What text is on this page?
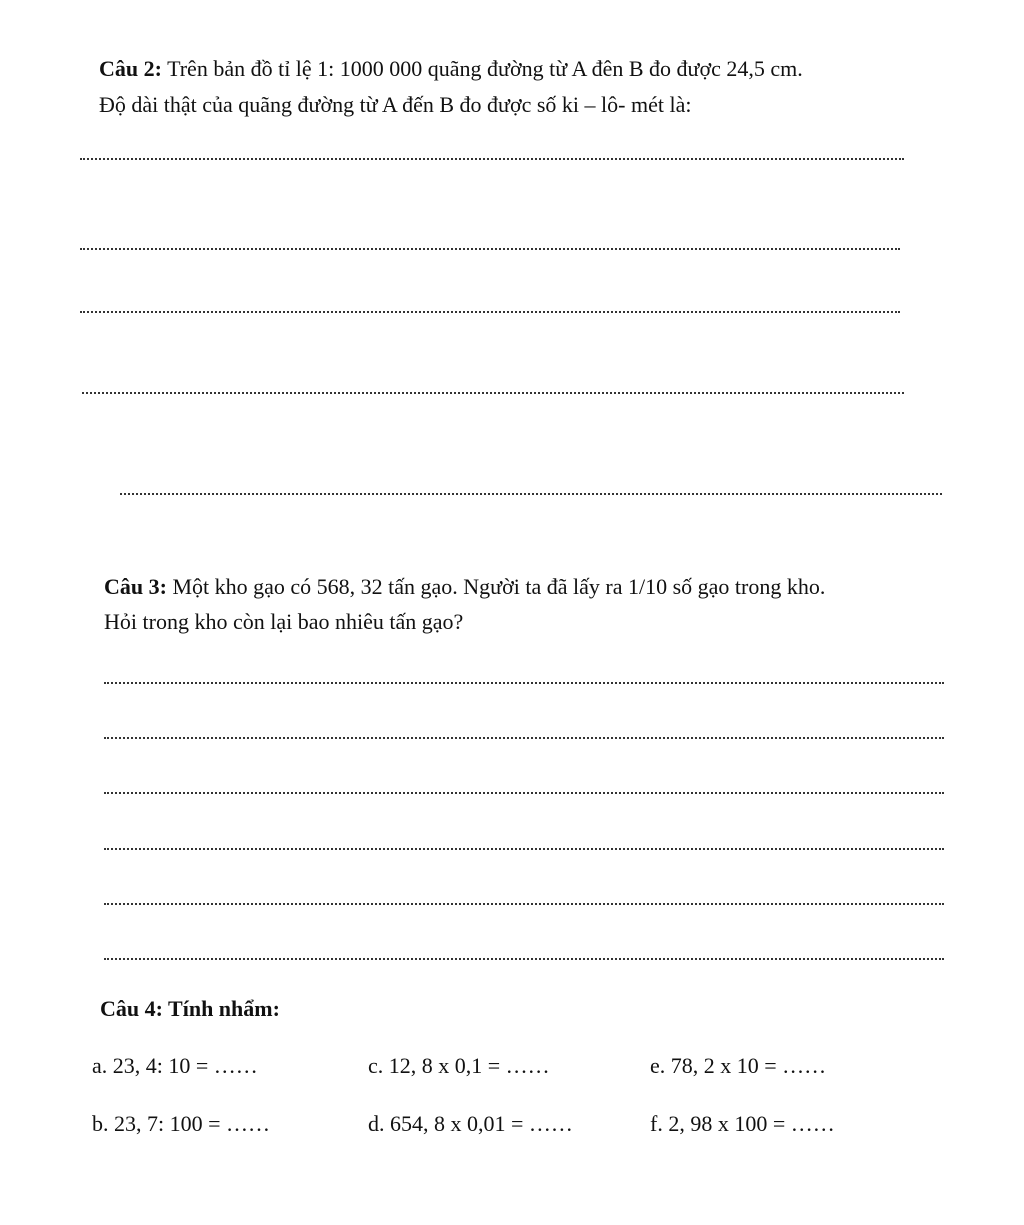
Câu 2: Trên bản đồ tỉ lệ 1: 1000 000 quãng đường từ A đên B đo được 24,5 cm.
Độ dài thật của quãng đường từ A đến B đo được số ki – lô- mét là:
Câu 3: Một kho gạo có 568, 32 tấn gạo. Người ta đã lấy ra 1/10 số gạo trong kho.
Hỏi trong kho còn lại bao nhiêu tấn gạo?
Câu 4: Tính nhẩm:
a. 23, 4: 10 = ……	c. 12, 8 x 0,1 = ……	e. 78, 2 x 10 = ……
b. 23, 7: 100 = ……	d. 654, 8 x 0,01 = ……	f. 2, 98 x 100 = ……
